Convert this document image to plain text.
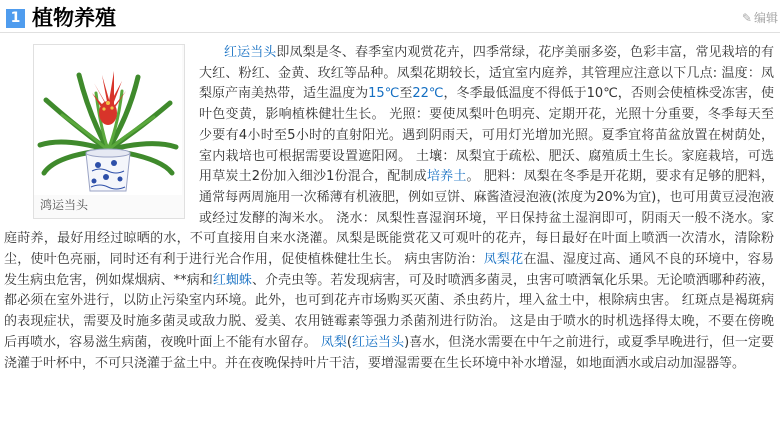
1 植物养殖	✎ 编辑
鸿运当头

红运当头即凤梨是冬、春季室内观赏花卉，四季常绿，花序美丽多姿，色彩丰富，常见栽培的有大红、粉红、金黄、玫红等品种。凤梨花期较长，适宜室内庭养，其管理应注意以下几点: 温度：凤梨原产南美热带，适生温度为15℃至22℃，冬季最低温度不得低于10℃，否则会使植株受冻害，使叶色变黄，影响植株健壮生长。 光照：要使凤梨叶色明亮、定期开花，光照十分重要，冬季每天至少要有4小时至5小时的直射阳光。遇到阴雨天，可用灯光增加光照。夏季宜将苗盆放置在树荫处，室内栽培也可根据需要设置遮阳网。 土壤：凤梨宜于疏松、肥沃、腐殖质土生长。家庭栽培，可选用草炭土2份加入细沙1份混合，配制成培养土。 肥料：凤梨在冬季是开花期，要求有足够的肥料，通常每两周施用一次稀薄有机液肥，例如豆饼、麻酱渣浸泡液(浓度为20%为宜)，也可用黄豆浸泡液或经过发酵的淘米水。 浇水：凤梨性喜湿润环境，平日保持盆土湿润即可，阴雨天一般不浇水。家庭莳养，最好用经过晾晒的水，不可直接用自来水浇灌。凤梨是既能赏花又可观叶的花卉，每日最好在叶面上喷洒一次清水，清除粉尘，使叶色亮丽，同时还有利于进行光合作用，促使植株健壮生长。 病虫害防治：凤梨花在温、湿度过高、通风不良的环境中，容易发生病虫危害，例如煤烟病、**病和红蜘蛛、介壳虫等。若发现病害，可及时喷洒多菌灵，虫害可喷洒氧化乐果。无论喷洒哪种药液，都必须在室外进行，以防止污染室内环境。此外，也可到花卉市场购买灭菌、杀虫药片，埋入盆土中，根除病虫害。 红斑点是褐斑病的表现症状，需要及时施多菌灵或敌力脱、爱美、农用链霉素等强力杀菌剂进行防治。 这是由于喷水的时机选择得太晚，不要在傍晚后再喷水，容易滋生病菌，夜晚叶面上不能有水留存。 凤梨(红运当头)喜水，但浇水需要在中午之前进行，或夏季早晚进行，但一定要浇灌于叶杯中，不可只浇灌于盆土中。并在夜晚保持叶片干洁，要增湿需要在生长环境中补水增湿，如地面洒水或启动加湿器等。
